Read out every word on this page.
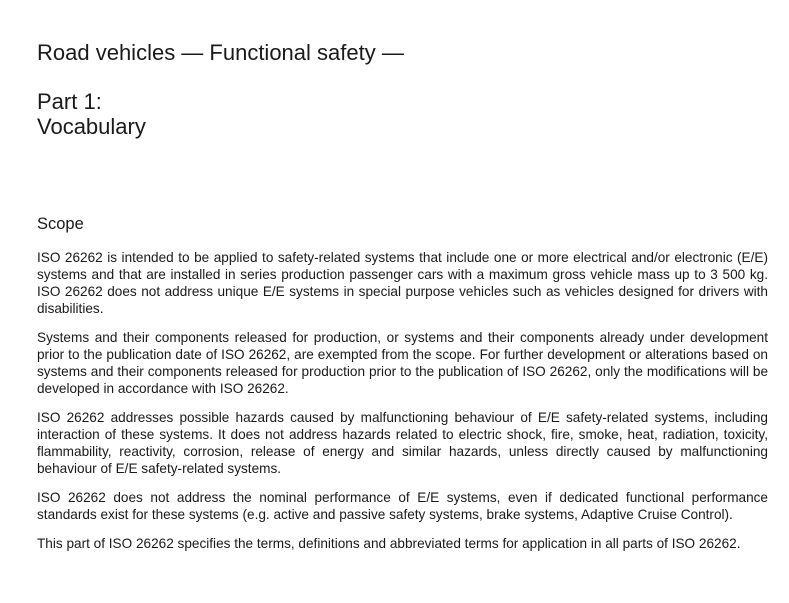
Road vehicles — Functional safety —
Part 1:
Vocabulary
Scope

ISO 26262 is intended to be applied to safety-related systems that include one or more electrical and/or electronic (E/E) systems and that are installed in series production passenger cars with a maximum gross vehicle mass up to 3 500 kg. ISO 26262 does not address unique E/E systems in special purpose vehicles such as vehicles designed for drivers with disabilities.

Systems and their components released for production, or systems and their components already under development prior to the publication date of ISO 26262, are exempted from the scope. For further development or alterations based on systems and their components released for production prior to the publication of ISO 26262, only the modifications will be developed in accordance with ISO 26262.

ISO 26262 addresses possible hazards caused by malfunctioning behaviour of E/E safety-related systems, including interaction of these systems. It does not address hazards related to electric shock, fire, smoke, heat, radiation, toxicity, flammability, reactivity, corrosion, release of energy and similar hazards, unless directly caused by malfunctioning behaviour of E/E safety-related systems.

ISO 26262 does not address the nominal performance of E/E systems, even if dedicated functional performance standards exist for these systems (e.g. active and passive safety systems, brake systems, Adaptive Cruise Control).

This part of ISO 26262 specifies the terms, definitions and abbreviated terms for application in all parts of ISO 26262.
